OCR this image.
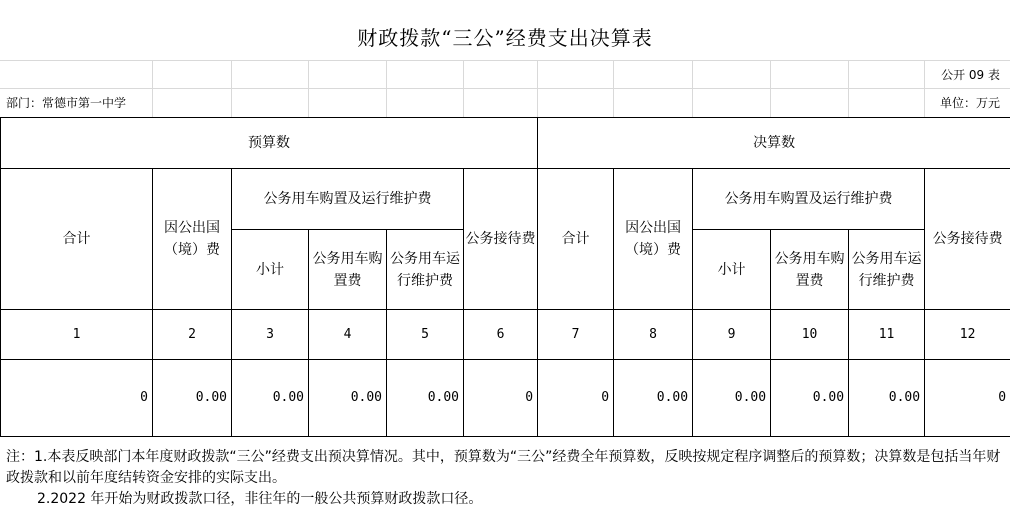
财政拨款“三公”经费支出决算表
公开 09 表
部门：常德市第一中学	单位：万元
预算数						决算数					
合计	因公出国（境）费	公务用车购置及运行维护费			公务接待费	合计	因公出国（境）费	公务用车购置及运行维护费			公务接待费
		小计	公务用车购置费	公务用车运行维护费				小计	公务用车购置费	公务用车运行维护费	
1	2	3	4	5	6	7	8	9	10	11	12
0	0.00	0.00	0.00	0.00	0	0	0.00	0.00	0.00	0.00	0

注：1.本表反映部门本年度财政拨款“三公”经费支出预决算情况。其中，预算数为“三公”经费全年预算数，反映按规定程序调整后的预算数；决算数是包括当年财政拨款和以前年度结转资金安排的实际支出。

2.2022 年开始为财政拨款口径，非往年的一般公共预算财政拨款口径。
